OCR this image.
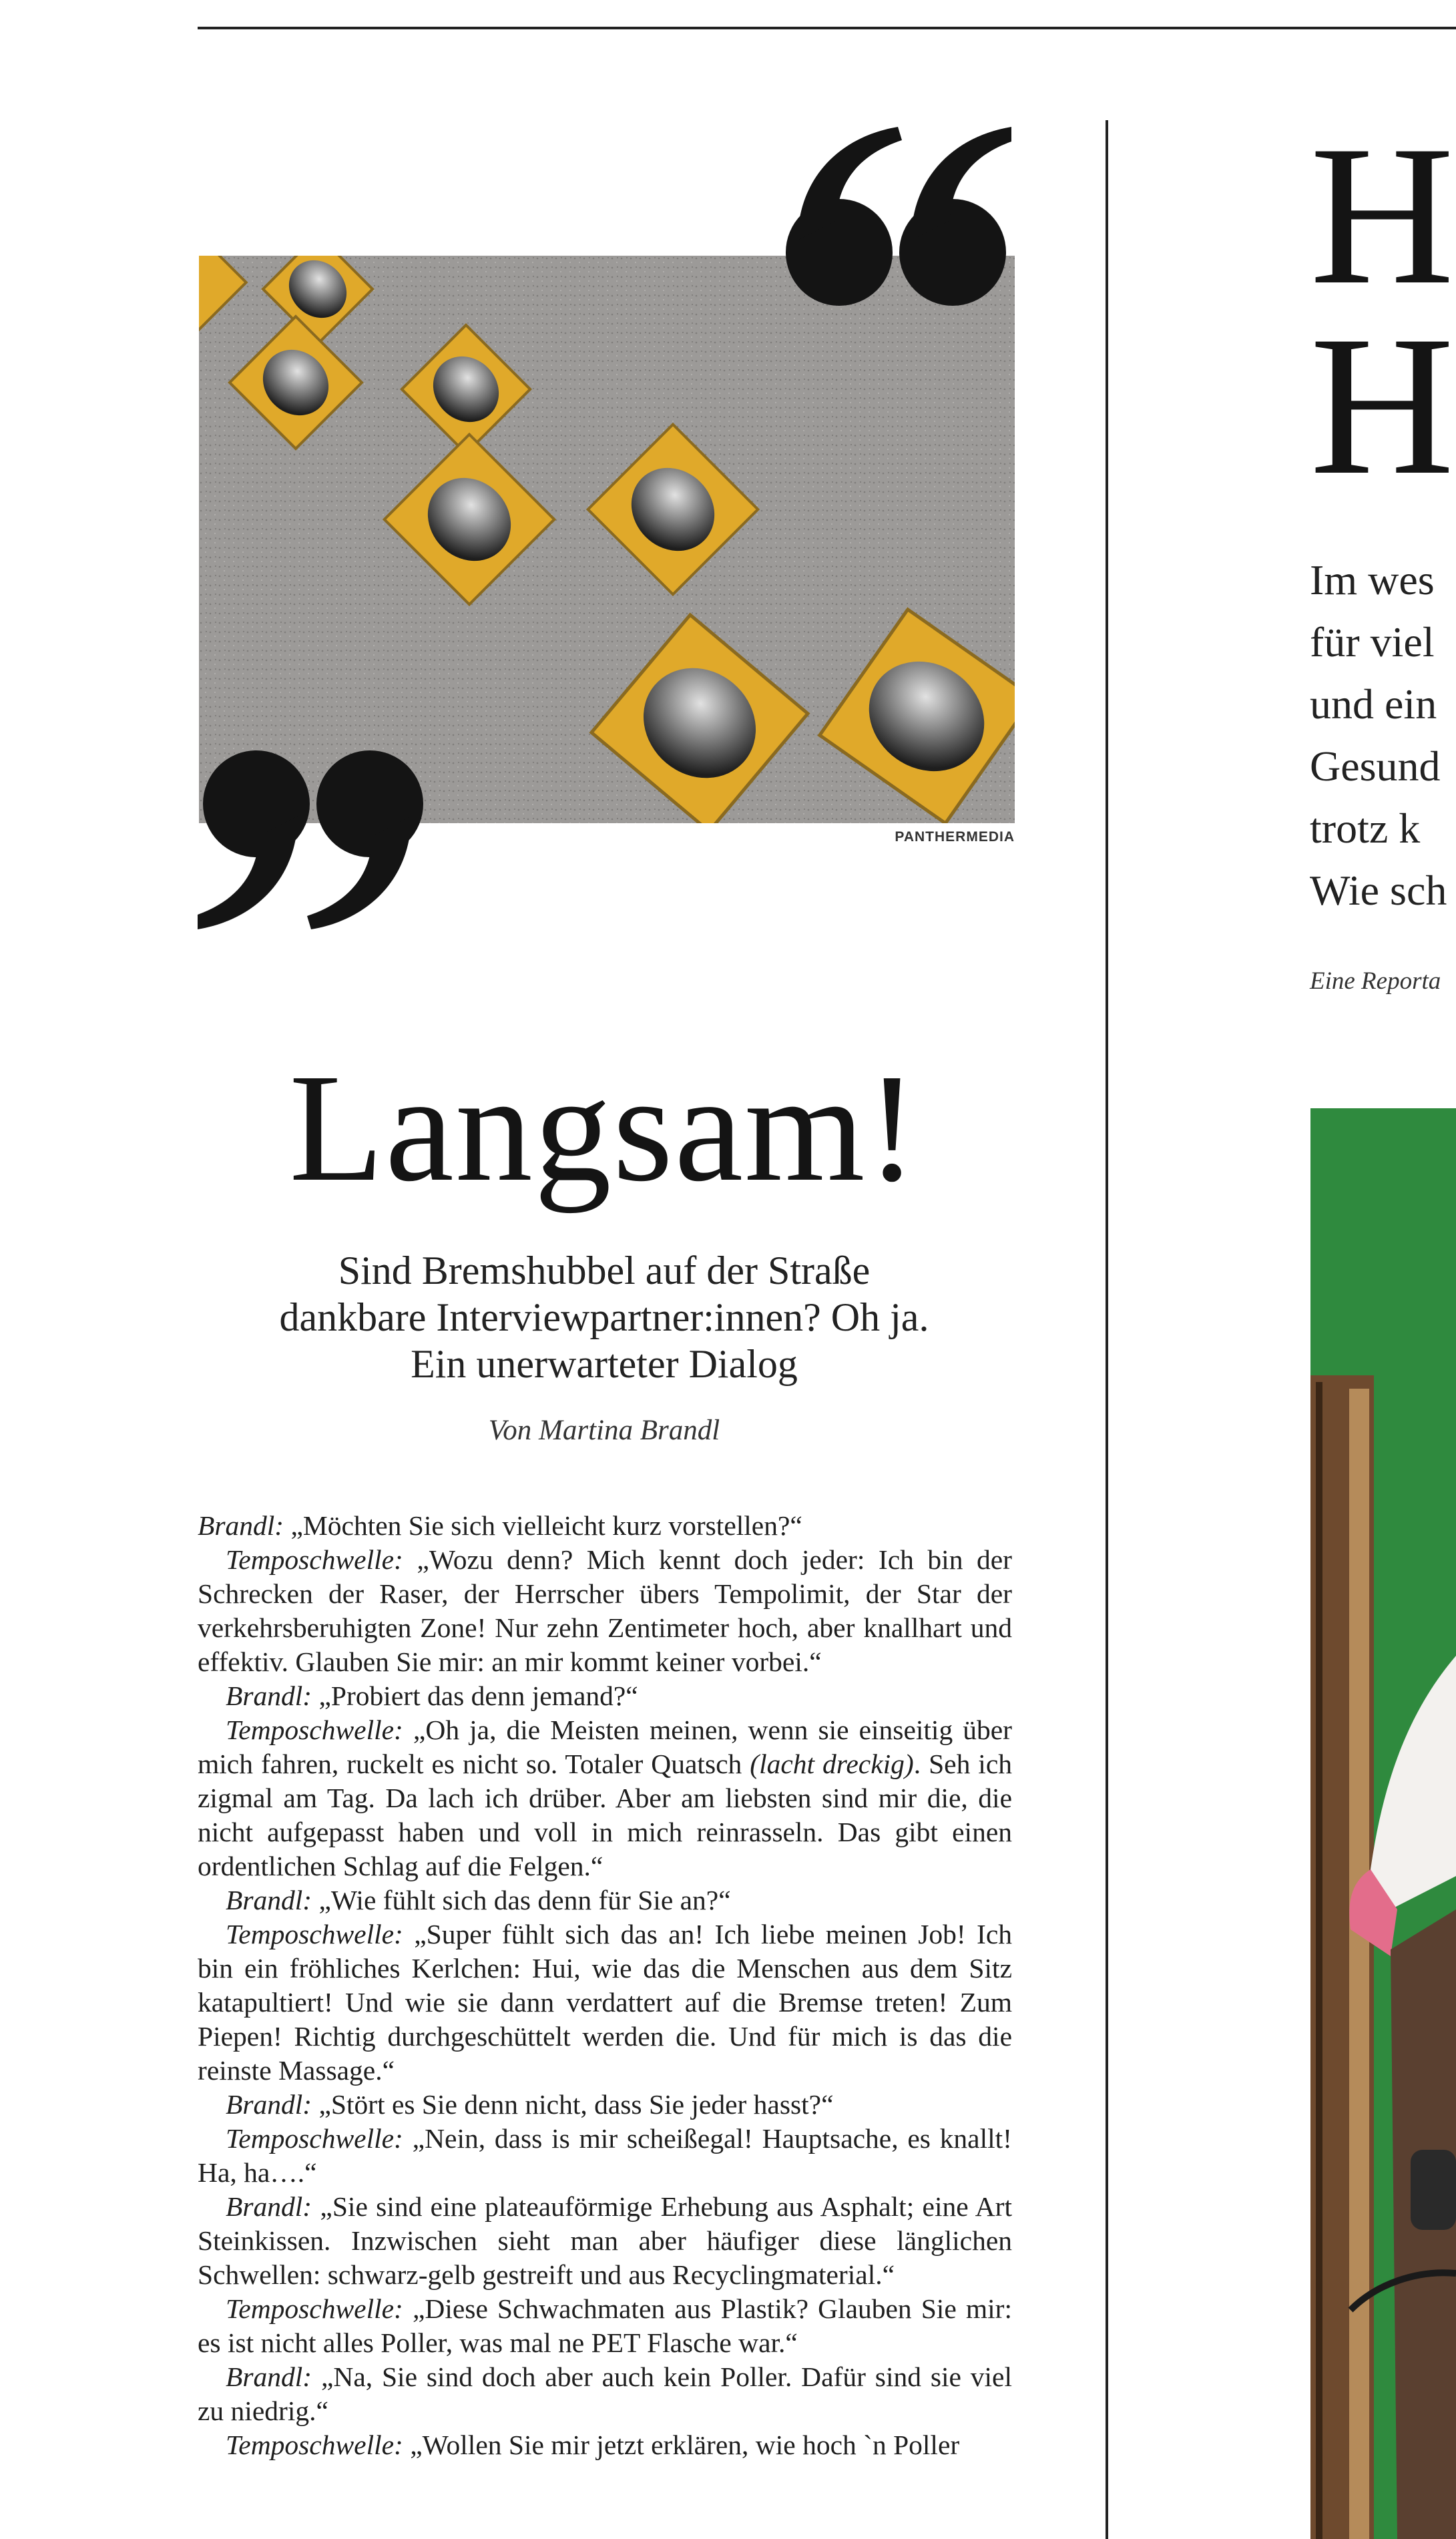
PANTHERMEDIA
Langsam!
Sind Bremshubbel auf der Straße
dankbare Interviewpartner:innen? Oh ja.
Ein unerwarteter Dialog
Von Martina Brandl

Brandl: „Möchten Sie sich vielleicht kurz vorstellen?“

Temposchwelle: „Wozu denn? Mich kennt doch jeder: Ich bin der Schrecken der Raser, der Herrscher übers Tempolimit, der Star der verkehrsberuhigten Zone! Nur zehn Zentimeter hoch, aber knallhart und effektiv. Glauben Sie mir: an mir kommt keiner vorbei.“

Brandl: „Probiert das denn jemand?“

Temposchwelle: „Oh ja, die Meisten meinen, wenn sie einseitig über mich fahren, ruckelt es nicht so. Totaler Quatsch (lacht dreckig). Seh ich zigmal am Tag. Da lach ich drüber. Aber am liebsten sind mir die, die nicht aufgepasst haben und voll in mich reinrasseln. Das gibt einen ordentlichen Schlag auf die Felgen.“

Brandl: „Wie fühlt sich das denn für Sie an?“

Temposchwelle: „Super fühlt sich das an! Ich liebe meinen Job! Ich bin ein fröhliches Kerlchen: Hui, wie das die Menschen aus dem Sitz katapultiert! Und wie sie dann verdattert auf die Bremse treten! Zum Piepen! Richtig durchgeschüttelt werden die. Und für mich is das die reinste Massage.“

Brandl: „Stört es Sie denn nicht, dass Sie jeder hasst?“

Temposchwelle: „Nein, dass is mir scheißegal! Hauptsache, es knallt! Ha, ha….“

Brandl: „Sie sind eine plateauförmige Erhebung aus Asphalt; eine Art Steinkissen. Inzwischen sieht man aber häufiger diese länglichen Schwellen: schwarz-gelb gestreift und aus Recyclingmaterial.“

Temposchwelle: „Diese Schwachmaten aus Plastik? Glauben Sie mir: es ist nicht alles Poller, was mal ne PET Flasche war.“

Brandl: „Na, Sie sind doch aber auch kein Poller. Dafür sind sie viel zu niedrig.“

Temposchwelle: „Wollen Sie mir jetzt erklären, wie hoch `n Poller

H
H
Im wes
für viel
und ein
Gesund
trotz k
Wie sch
Eine Reporta
